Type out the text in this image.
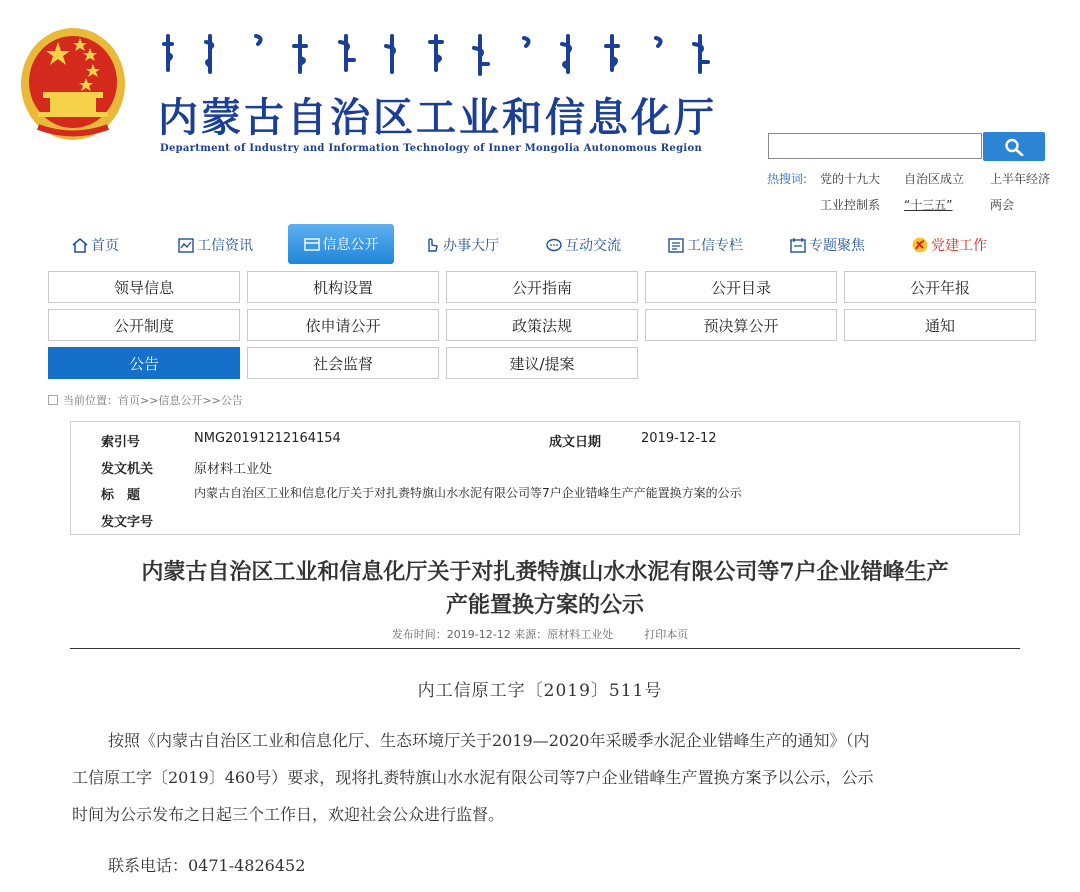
内蒙古自治区工业和信息化厅
Department of Industry and Information Technology of Inner Mongolia Autonomous Region
热搜词: 党的十九大 自治区成立 上半年经济
工业控制系 “十三五”	两会
首页	工信资讯	信息公开	办事大厅	互动交流	工信专栏	专题聚焦	党建工作
领导信息	机构设置	公开指南	公开目录	公开年报
公开制度	依申请公开	政策法规	预决算公开	通知
公告	社会监督	建议/提案
当前位置：首页>>信息公开>>公告
索引号	NMG20191212164154	成文日期	2019-12-12
发文机关	原材料工业处
标　题	内蒙古自治区工业和信息化厅关于对扎赉特旗山水水泥有限公司等7户企业错峰生产产能置换方案的公示
发文字号
内蒙古自治区工业和信息化厅关于对扎赉特旗山水水泥有限公司等7户企业错峰生产
产能置换方案的公示
发布时间：2019-12-12 来源：原材料工业处	打印本页
内工信原工字〔2019〕511号
按照《内蒙古自治区工业和信息化厅、生态环境厅关于2019—2020年采暖季水泥企业错峰生产的通知》（内
工信原工字〔2019〕460号）要求，现将扎赉特旗山水水泥有限公司等7户企业错峰生产置换方案予以公示，公示
时间为公示发布之日起三个工作日，欢迎社会公众进行监督。
联系电话：0471-4826452
